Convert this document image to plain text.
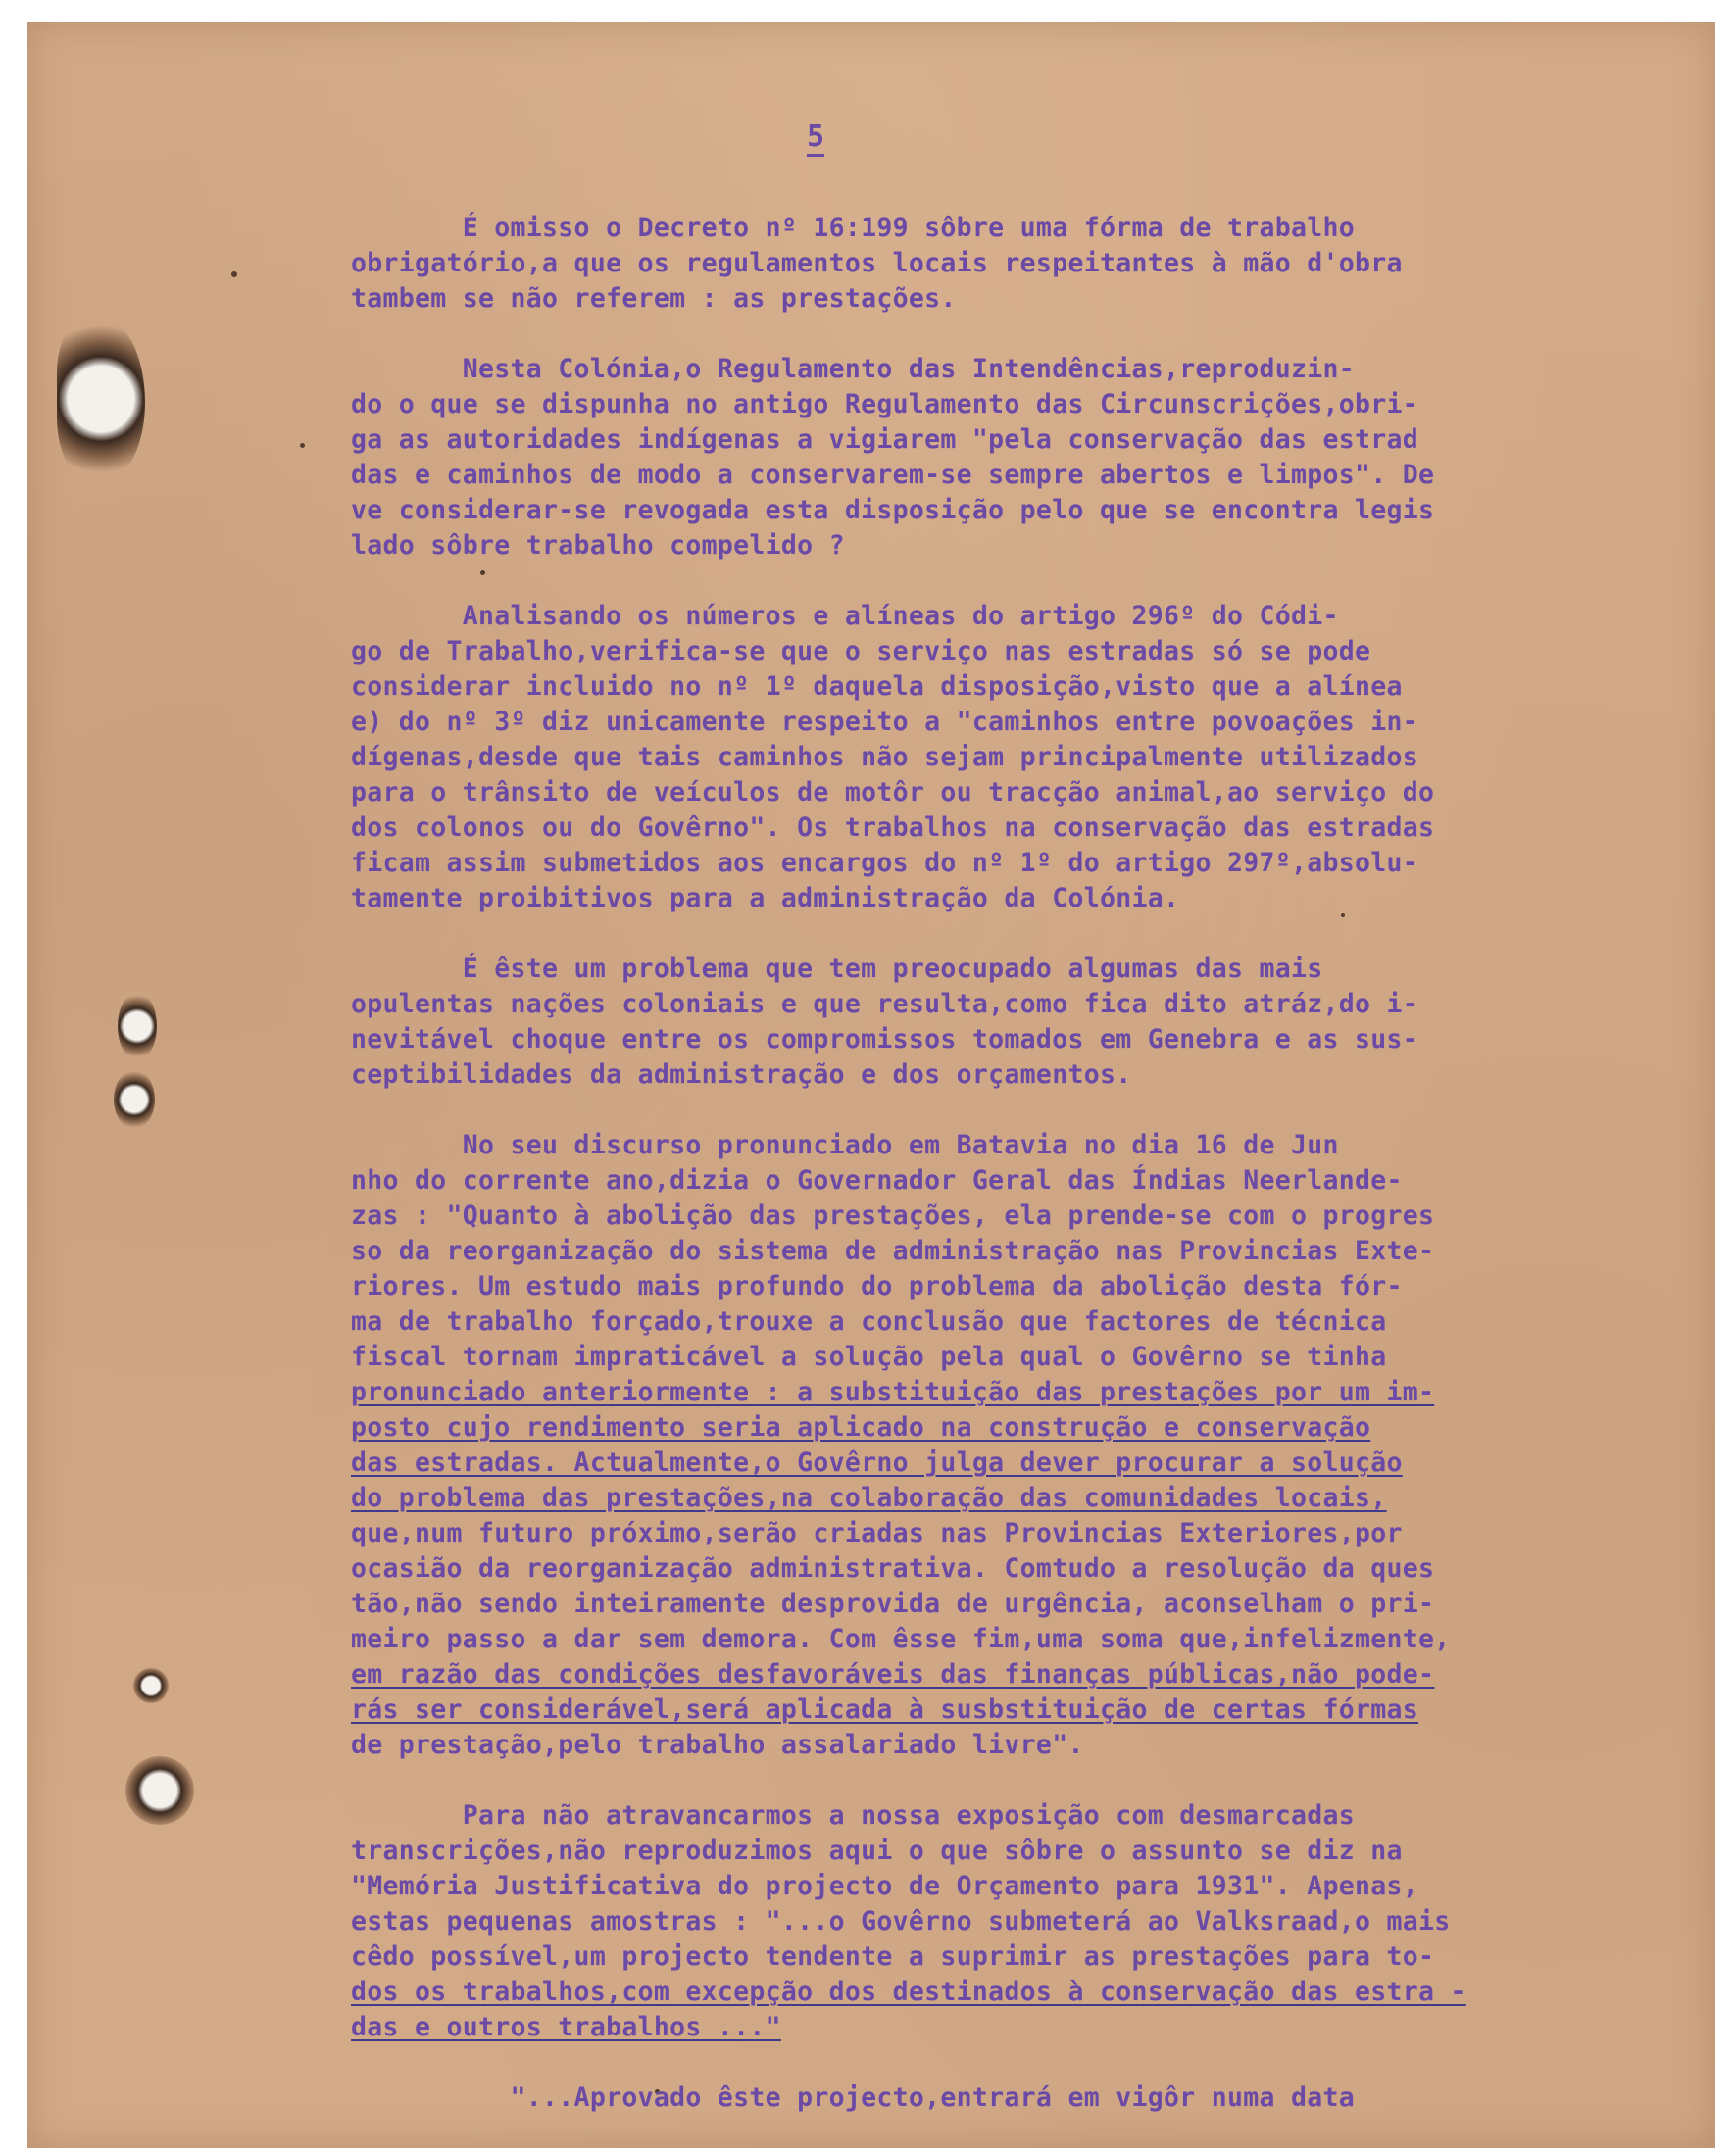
5
É omisso o Decreto nº 16:199 sôbre uma fórma de trabalho
obrigatório,a que os regulamentos locais respeitantes à mão d'obra
tambem se não referem : as prestações.
Nesta Colónia,o Regulamento das Intendências,reproduzin-
do o que se dispunha no antigo Regulamento das Circunscrições,obri-
ga as autoridades indígenas a vigiarem "pela conservação das estrad
das e caminhos de modo a conservarem-se sempre abertos e limpos". De
ve considerar-se revogada esta disposição pelo que se encontra legis
lado sôbre trabalho compelido ?
Analisando os números e alíneas do artigo 296º do Códi-
go de Trabalho,verifica-se que o serviço nas estradas só se pode
considerar incluido no nº 1º daquela disposição,visto que a alínea
e) do nº 3º diz unicamente respeito a "caminhos entre povoações in-
dígenas,desde que tais caminhos não sejam principalmente utilizados
para o trânsito de veículos de motôr ou tracção animal,ao serviço do
dos colonos ou do Govêrno". Os trabalhos na conservação das estradas
ficam assim submetidos aos encargos do nº 1º do artigo 297º,absolu-
tamente proibitivos para a administração da Colónia.
É êste um problema que tem preocupado algumas das mais
opulentas nações coloniais e que resulta,como fica dito atráz,do i-
nevitável choque entre os compromissos tomados em Genebra e as sus-
ceptibilidades da administração e dos orçamentos.
No seu discurso pronunciado em Batavia no dia 16 de Jun
nho do corrente ano,dizia o Governador Geral das Índias Neerlande-
zas : "Quanto à abolição das prestações, ela prende-se com o progres
so da reorganização do sistema de administração nas Provincias Exte-
riores. Um estudo mais profundo do problema da abolição desta fór-
ma de trabalho forçado,trouxe a conclusão que factores de técnica
fiscal tornam impraticável a solução pela qual o Govêrno se tinha
pronunciado anteriormente : a substituição das prestações por um im-
posto cujo rendimento seria aplicado na construção e conservação
das estradas. Actualmente,o Govêrno julga dever procurar a solução
do problema das prestações,na colaboração das comunidades locais,
que,num futuro próximo,serão criadas nas Provincias Exteriores,por
ocasião da reorganização administrativa. Comtudo a resolução da ques
tão,não sendo inteiramente desprovida de urgência, aconselham o pri-
meiro passo a dar sem demora. Com êsse fim,uma soma que,infelizmente,
em razão das condições desfavoráveis das finanças públicas,não pode-
rás ser considerável,será aplicada à susbstituição de certas fórmas
de prestação,pelo trabalho assalariado livre".
Para não atravancarmos a nossa exposição com desmarcadas
transcrições,não reproduzimos aqui o que sôbre o assunto se diz na
"Memória Justificativa do projecto de Orçamento para 1931". Apenas,
estas pequenas amostras : "...o Govêrno submeterá ao Valksraad,o mais
cêdo possível,um projecto tendente a suprimir as prestações para to-
dos os trabalhos,com excepção dos destinados à conservação das estra -
das e outros trabalhos ..."
"...Aprovado êste projecto,entrará em vigôr numa data
